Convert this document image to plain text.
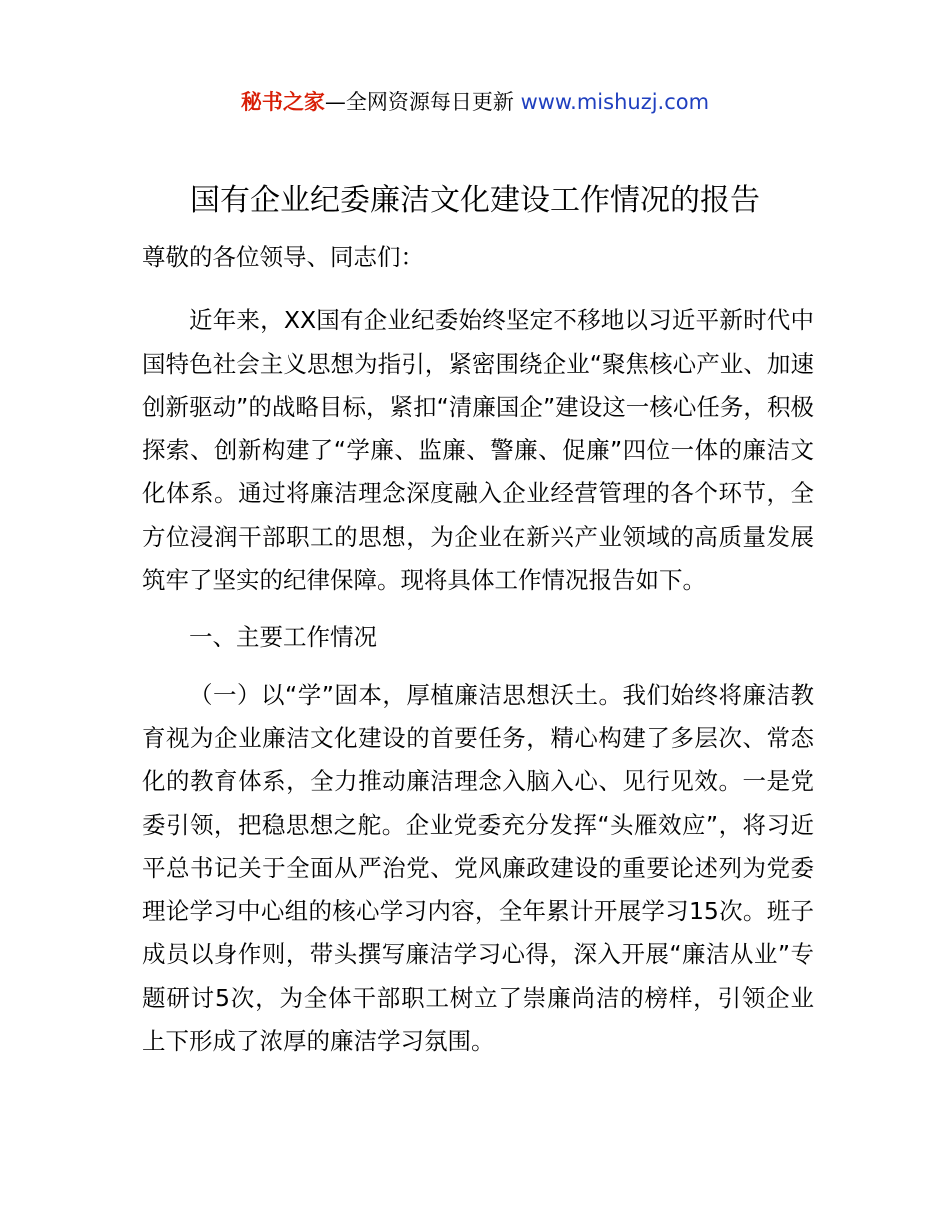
秘书之家—全网资源每日更新 www.mishuzj.com
国有企业纪委廉洁文化建设工作情况的报告

尊敬的各位领导、同志们：

近年来，XX国有企业纪委始终坚定不移地以习近平新时代中国特色社会主义思想为指引，紧密围绕企业“聚焦核心产业、加速创新驱动”的战略目标，紧扣“清廉国企”建设这一核心任务，积极探索、创新构建了“学廉、监廉、警廉、促廉”四位一体的廉洁文化体系。通过将廉洁理念深度融入企业经营管理的各个环节，全方位浸润干部职工的思想，为企业在新兴产业领域的高质量发展筑牢了坚实的纪律保障。现将具体工作情况报告如下。

一、主要工作情况

（一）以“学”固本，厚植廉洁思想沃土。我们始终将廉洁教育视为企业廉洁文化建设的首要任务，精心构建了多层次、常态化的教育体系，全力推动廉洁理念入脑入心、见行见效。一是党委引领，把稳思想之舵。企业党委充分发挥“头雁效应”，将习近平总书记关于全面从严治党、党风廉政建设的重要论述列为党委理论学习中心组的核心学习内容，全年累计开展学习15次。班子成员以身作则，带头撰写廉洁学习心得，深入开展“廉洁从业”专题研讨5次，为全体干部职工树立了崇廉尚洁的榜样，引领企业上下形成了浓厚的廉洁学习氛围。
